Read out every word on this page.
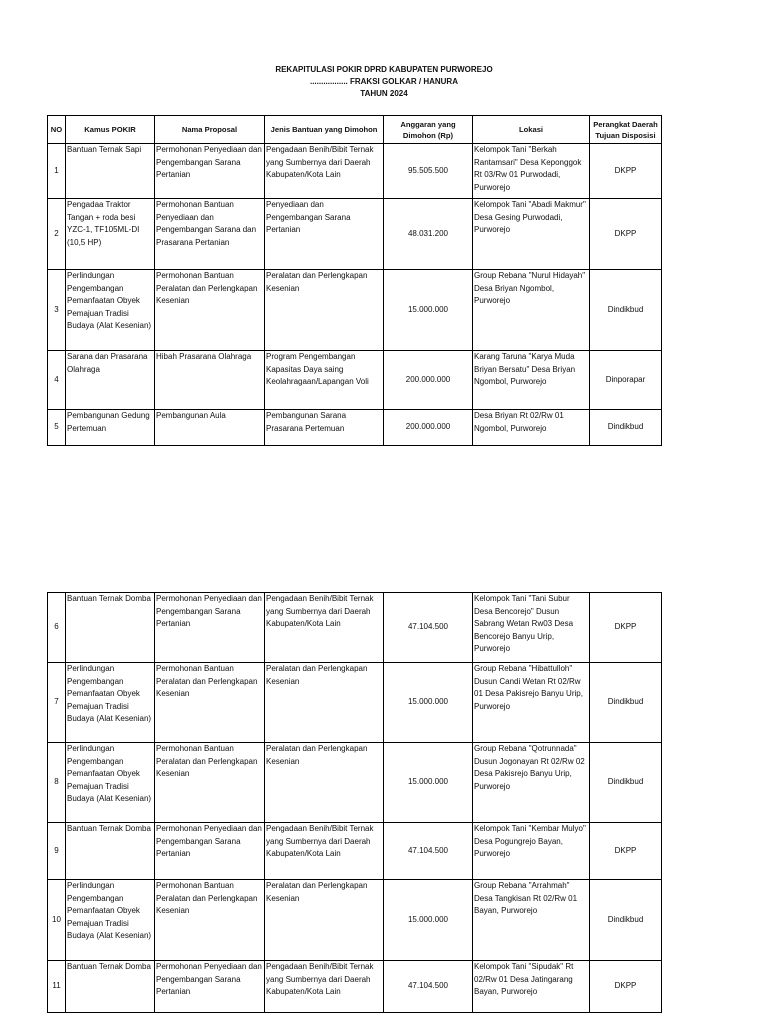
REKAPITULASI POKIR DPRD KABUPATEN PURWOREJO
................. FRAKSI GOLKAR / HANURA
TAHUN 2024
NO	Kamus POKIR	Nama Proposal	Jenis Bantuan yang Dimohon	Anggaran yang Dimohon (Rp)	Lokasi	Perangkat Daerah Tujuan Disposisi
1	Bantuan Ternak Sapi	Permohonan Penyediaan dan Pengembangan Sarana Pertanian	Pengadaan Benih/Bibit Ternak yang Sumbernya dari Daerah Kabupaten/Kota Lain	95.505.500	Kelompok Tani "Berkah Rantamsari" Desa Keponggok Rt 03/Rw 01 Purwodadi, Purworejo	DKPP
2	Pengadaa Traktor Tangan + roda besi YZC-1, TF105ML-DI (10,5 HP)	Permohonan Bantuan Penyediaan dan Pengembangan Sarana dan Prasarana Pertanian	Penyediaan dan Pengembangan Sarana Pertanian	48.031.200	Kelompok Tani "Abadi Makmur" Desa Gesing Purwodadi, Purworejo	DKPP
3	Perlindungan Pengembangan Pemanfaatan Obyek Pemajuan Tradisi Budaya (Alat Kesenian)	Permohonan Bantuan Peralatan dan Perlengkapan Kesenian	Peralatan dan Perlengkapan Kesenian	15.000.000	Group Rebana "Nurul Hidayah" Desa Briyan Ngombol, Purworejo	Dindikbud
4	Sarana dan Prasarana Olahraga	Hibah Prasarana Olahraga	Program Pengembangan Kapasitas Daya saing Keolahragaan/Lapangan Voli	200.000.000	Karang Taruna "Karya Muda Briyan Bersatu" Desa Briyan Ngombol, Purworejo	Dinporapar
5	Pembangunan Gedung Pertemuan	Pembangunan Aula	Pembangunan Sarana Prasarana Pertemuan	200.000.000	Desa Briyan Rt 02/Rw 01 Ngombol, Purworejo	Dindikbud
6	Bantuan Ternak Domba	Permohonan Penyediaan dan Pengembangan Sarana Pertanian	Pengadaan Benih/Bibit Ternak yang Sumbernya dari Daerah Kabupaten/Kota Lain	47.104.500	Kelompok Tani "Tani Subur Desa Bencorejo" Dusun Sabrang Wetan Rw03 Desa Bencorejo Banyu Urip, Purworejo	DKPP
7	Perlindungan Pengembangan Pemanfaatan Obyek Pemajuan Tradisi Budaya (Alat Kesenian)	Permohonan Bantuan Peralatan dan Perlengkapan Kesenian	Peralatan dan Perlengkapan Kesenian	15.000.000	Group Rebana "Hibattulloh" Dusun Candi Wetan Rt 02/Rw 01 Desa Pakisrejo Banyu Urip, Purworejo	Dindikbud
8	Perlindungan Pengembangan Pemanfaatan Obyek Pemajuan Tradisi Budaya (Alat Kesenian)	Permohonan Bantuan Peralatan dan Perlengkapan Kesenian	Peralatan dan Perlengkapan Kesenian	15.000.000	Group Rebana "Qotrunnada" Dusun Jogonayan Rt 02/Rw 02 Desa Pakisrejo Banyu Urip, Purworejo	Dindikbud
9	Bantuan Ternak Domba	Permohonan Penyediaan dan Pengembangan Sarana Pertanian	Pengadaan Benih/Bibit Ternak yang Sumbernya dari Daerah Kabupaten/Kota Lain	47.104.500	Kelompok Tani "Kembar Mulyo" Desa Pogungrejo Bayan, Purworejo	DKPP
10	Perlindungan Pengembangan Pemanfaatan Obyek Pemajuan Tradisi Budaya (Alat Kesenian)	Permohonan Bantuan Peralatan dan Perlengkapan Kesenian	Peralatan dan Perlengkapan Kesenian	15.000.000	Group Rebana "Arrahmah" Desa Tangkisan Rt 02/Rw 01 Bayan, Purworejo	Dindikbud
11	Bantuan Ternak Domba	Permohonan Penyediaan dan Pengembangan Sarana Pertanian	Pengadaan Benih/Bibit Ternak yang Sumbernya dari Daerah Kabupaten/Kota Lain	47.104.500	Kelompok Tani "Sipudak" Rt 02/Rw 01 Desa Jatingarang Bayan, Purworejo	DKPP
